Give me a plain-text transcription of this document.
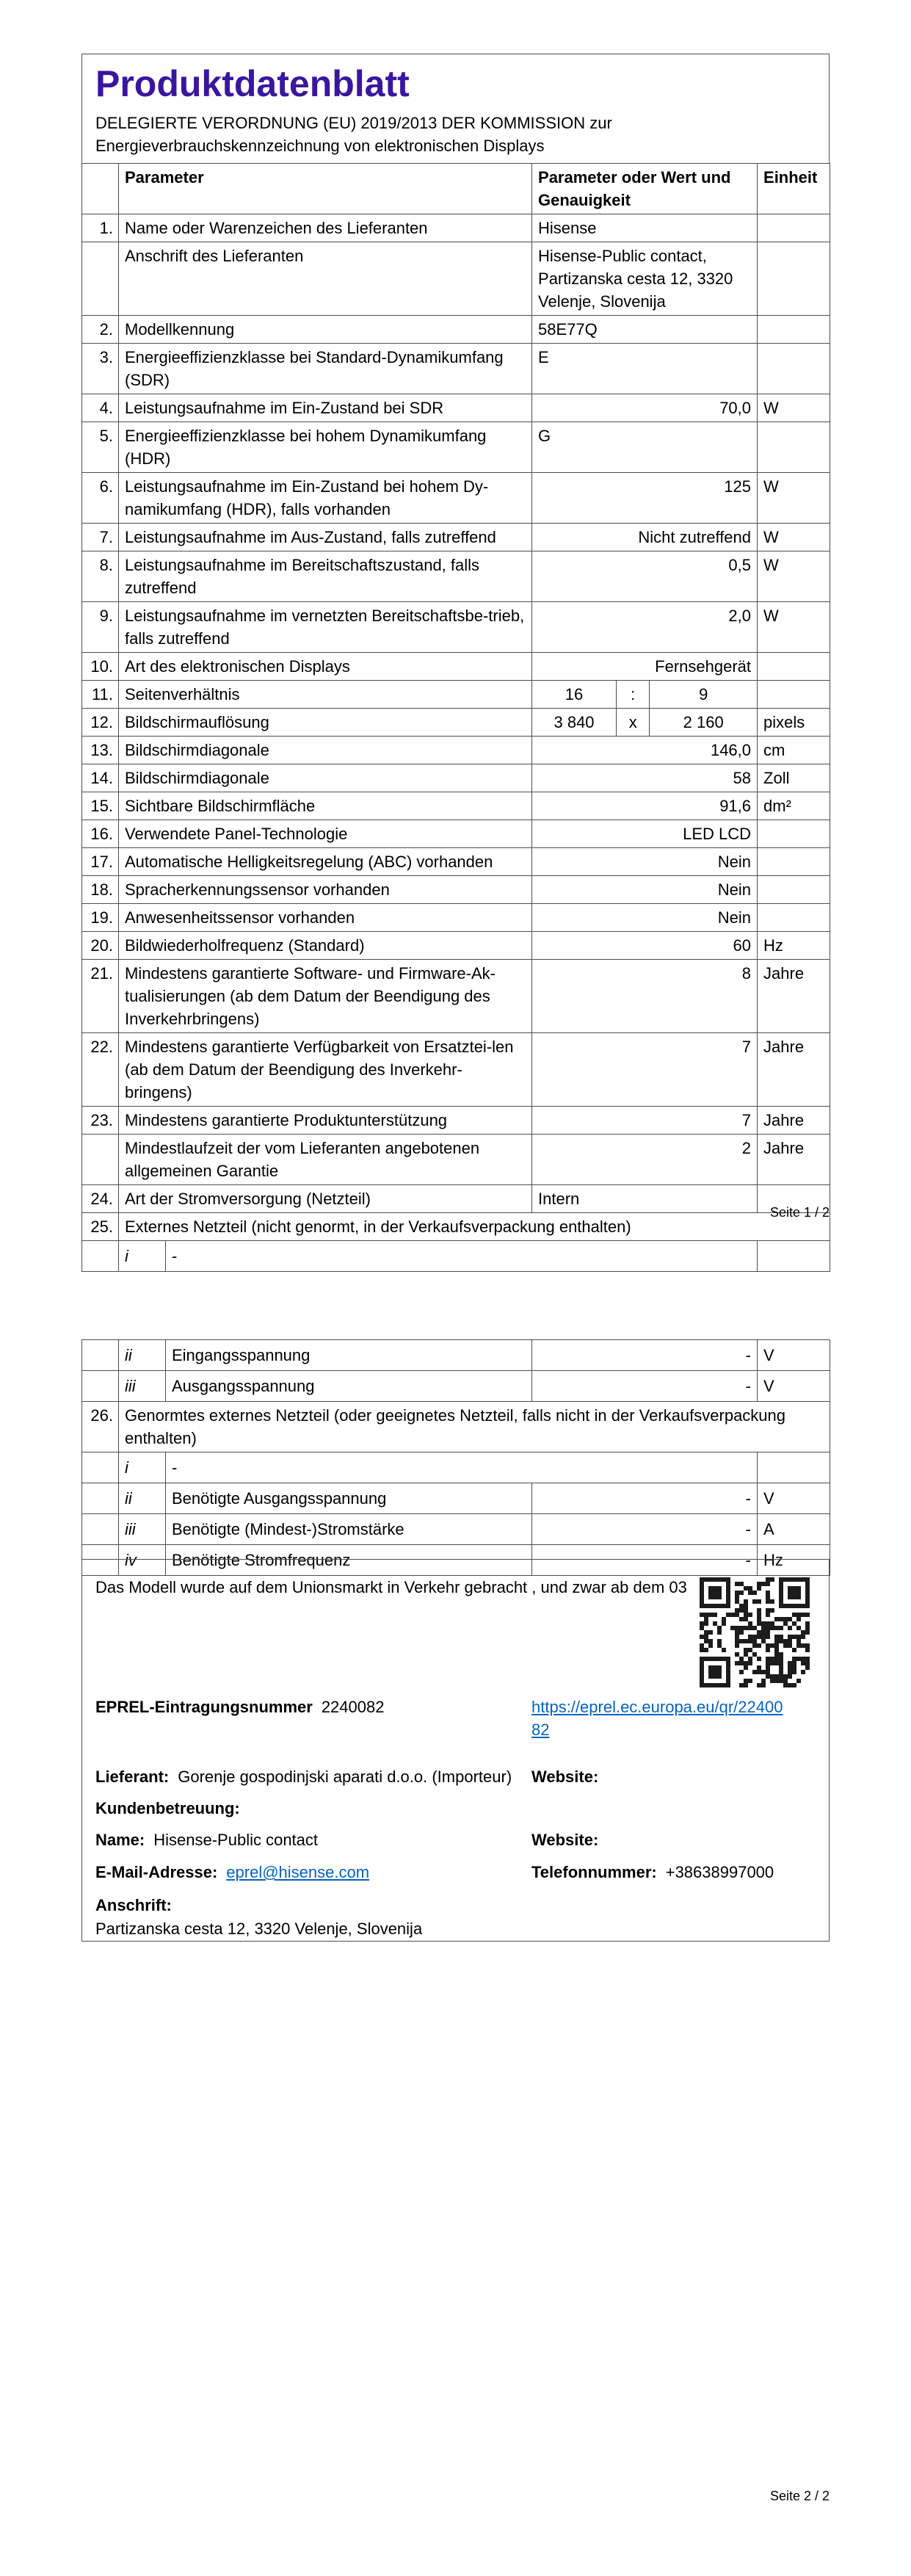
Produktdatenblatt

DELEGIERTE VERORDNUNG (EU) 2019/2013 DER KOMMISSION zur

Energieverbrauchskennzeichnung von elektronischen Displays

	Parameter		Parameter oder Wert und Genauigkeit	Einheit
1.	Name oder Warenzeichen des Lieferanten		Hisense	
	Anschrift des Lieferanten		Hisense-Public contact, Partizanska cesta 12, 3320 Velenje, Slovenija	
2.	Modellkennung		58E77Q	
3.	Energieeffizienzklasse bei Standard-Dynamikumfang (SDR)		E	
4.	Leistungsaufnahme im Ein-Zustand bei SDR		70,0	W
5.	Energieeffizienzklasse bei hohem Dynamikumfang (HDR)		G	
6.	Leistungsaufnahme im Ein-Zustand bei hohem Dy-namikumfang (HDR), falls vorhanden		125	W
7.	Leistungsaufnahme im Aus-Zustand, falls zutreffend		Nicht zutreffend	W
8.	Leistungsaufnahme im Bereitschaftszustand, falls zutreffend		0,5	W
9.	Leistungsaufnahme im vernetzten Bereitschaftsbe-trieb, falls zutreffend		2,0	W
10.	Art des elektronischen Displays		Fernsehgerät	
11.	Seitenverhältnis		16 : 9	

12.	Bildschirmauflösung		3 840 x 2 160	pixels
13.	Bildschirmdiagonale		146,0	cm
14.	Bildschirmdiagonale		58	Zoll
15.	Sichtbare Bildschirmfläche		91,6	dm²
16.	Verwendete Panel-Technologie		LED LCD	
17.	Automatische Helligkeitsregelung (ABC) vorhanden		Nein	
18.	Spracherkennungssensor vorhanden		Nein	
19.	Anwesenheitssensor vorhanden		Nein	
20.	Bildwiederholfrequenz (Standard)		60	Hz
21.	Mindestens garantierte Software- und Firmware-Ak-tualisierungen (ab dem Datum der Beendigung des Inverkehrbringens)		8	Jahre
22.	Mindestens garantierte Verfügbarkeit von Ersatztei-len (ab dem Datum der Beendigung des Inverkehr-bringens)		7	Jahre
23.	Mindestens garantierte Produktunterstützung		7	Jahre
	Mindestlaufzeit der vom Lieferanten angebotenen allgemeinen Garantie		2	Jahre
24.	Art der Stromversorgung (Netzteil)		Intern	
25.	Externes Netzteil (nicht genormt, in der Verkaufsverpackung enthalten)			
	i	-		
Seite 1 / 2
	ii	Eingangsspannung	-	V
	iii	Ausgangsspannung	-	V
26.	Genormtes externes Netzteil (oder geeignetes Netzteil, falls nicht in der Verkaufsverpackung enthalten)			
	i	-		
	ii	Benötigte Ausgangsspannung	-	V
	iii	Benötigte (Mindest-)Stromstärke	-	A
	iv	Benötigte Stromfrequenz	-	Hz
Das Modell wurde auf dem Unionsmarkt in Verkehr gebracht , und zwar ab dem 03
EPREL-Eintragungsnummer 2240082	https://eprel.ec.europa.eu/qr/2240082
Lieferant: Gorenje gospodinjski aparati d.o.o. (Importeur) Website:
Kundenbetreuung:
Name: Hisense-Public contact	Website:
E-Mail-Adresse: eprel@hisense.com	Telefonnummer: +38638997000
Anschrift:
Partizanska cesta 12, 3320 Velenje, Slovenija
Seite 2 / 2
